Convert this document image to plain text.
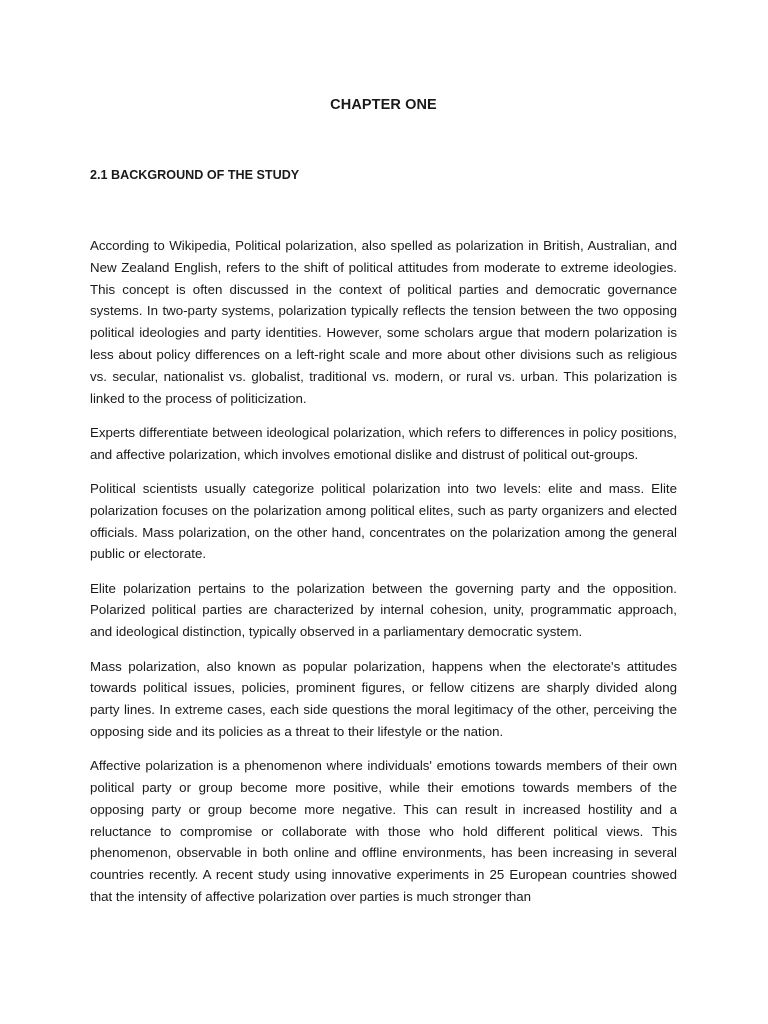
CHAPTER ONE
2.1 BACKGROUND OF THE STUDY

According to Wikipedia, Political polarization, also spelled as polarization in British, Australian, and New Zealand English, refers to the shift of political attitudes from moderate to extreme ideologies. This concept is often discussed in the context of political parties and democratic governance systems. In two-party systems, polarization typically reflects the tension between the two opposing political ideologies and party identities. However, some scholars argue that modern polarization is less about policy differences on a left-right scale and more about other divisions such as religious vs. secular, nationalist vs. globalist, traditional vs. modern, or rural vs. urban. This polarization is linked to the process of politicization.

Experts differentiate between ideological polarization, which refers to differences in policy positions, and affective polarization, which involves emotional dislike and distrust of political out-groups.

Political scientists usually categorize political polarization into two levels: elite and mass. Elite polarization focuses on the polarization among political elites, such as party organizers and elected officials. Mass polarization, on the other hand, concentrates on the polarization among the general public or electorate.

Elite polarization pertains to the polarization between the governing party and the opposition. Polarized political parties are characterized by internal cohesion, unity, programmatic approach, and ideological distinction, typically observed in a parliamentary democratic system.

Mass polarization, also known as popular polarization, happens when the electorate's attitudes towards political issues, policies, prominent figures, or fellow citizens are sharply divided along party lines. In extreme cases, each side questions the moral legitimacy of the other, perceiving the opposing side and its policies as a threat to their lifestyle or the nation.

Affective polarization is a phenomenon where individuals' emotions towards members of their own political party or group become more positive, while their emotions towards members of the opposing party or group become more negative. This can result in increased hostility and a reluctance to compromise or collaborate with those who hold different political views. This phenomenon, observable in both online and offline environments, has been increasing in several countries recently. A recent study using innovative experiments in 25 European countries showed that the intensity of affective polarization over parties is much stronger than
